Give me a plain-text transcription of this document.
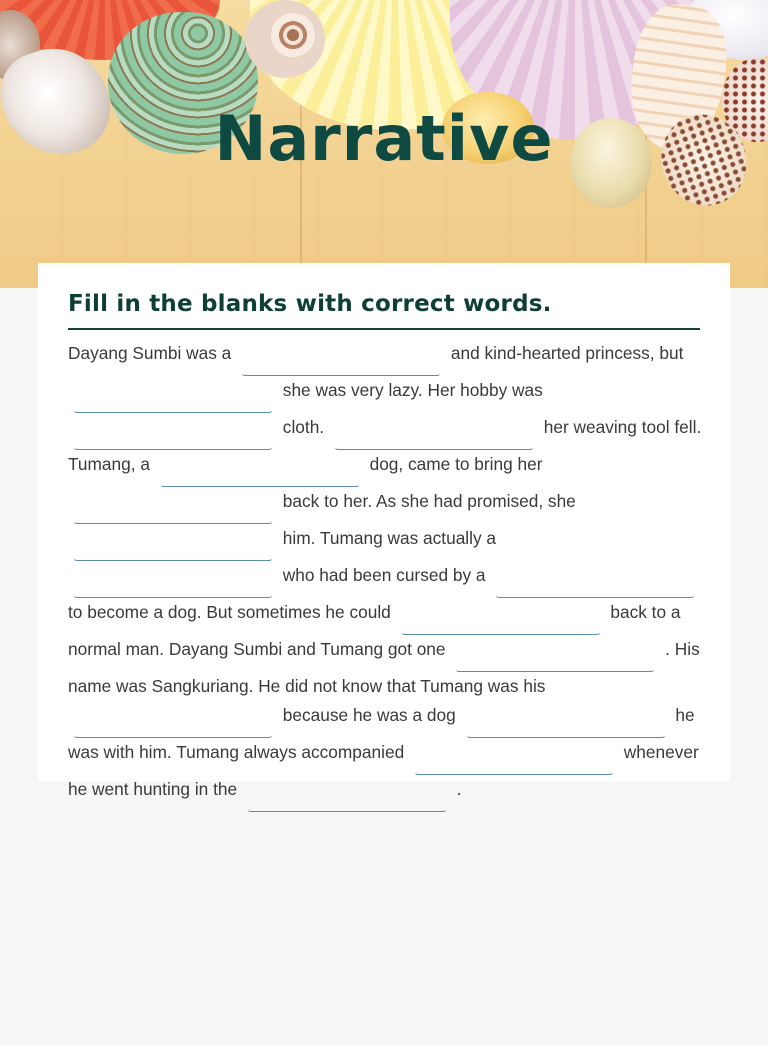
Narrative
Fill in the blanks with correct words.
Dayang Sumbi was a	and kind-hearted princess, but  she was very lazy. Her hobby was  cloth.	her weaving tool fell. Tumang, a	dog, came to bring her  back to her. As she had promised, she  him. Tumang was actually a  who had been cursed by a  to become a dog. But sometimes he could	back to a normal man. Dayang Sumbi and Tumang got one	. His name was Sangkuriang. He did not know that Tumang was his  because he was a dog	he was with him. Tumang always accompanied	whenever he went hunting in the	.
